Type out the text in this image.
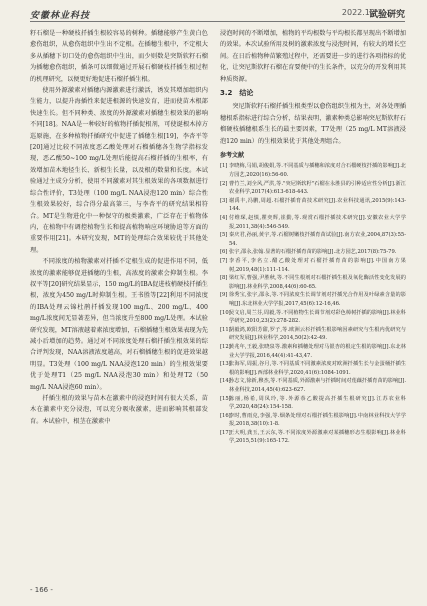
安徽林业科技	2022.12
试验研究

籽石榴是一种硬枝扦插生根较容易的树种。插穗能够产生黄白色愈伤组织，从愈伤组织中生出不定根。在插穗生根中，不定根大多从插穗下切口处的愈伤组织中生出，而少则数是突斯软籽石榴为插穗愈伤组织，插条可以细微通过开展石榴硬枝扦插生根过程的机理研究，以便更好地促进石榴扦插生根。

使用外源激素对插穗内源激素进行激活，诱发其增加组织内生能力，以提升海插性来促进根源的快速发育，进而使苗木根部快速生长。但不同种类、浓度的外源激素对插穗生根效果的影响不同[18]。NAA是一种较好的植物扦插促根剂，可使诞根木掉方巡原施，在多种植物扦插研究中促进了插穗生根[19]，李杏平等[20]通过比较不同浓度恶乙酸处理对石榴插穗各生物学指标发现，恶乙酸50~100 mg/L处理后能提高石榴扦插的生根率，有效增加苗木地径生长、新根生长量，以及根的数量和长度。本试验通过主成分分析，使用不同激素对其生根效果的各项数据进行综合性评价，T3处理（100 mg/L NAA浸泡120 min）综合性生根效果较好，综合得分最高第三，与李杏平的研究结果相符合。MT是生物进化中一种保守的极类激素，广泛存在于植物体内，在植物中有调控植物生长和提高植物响应环境胁迫等方面的重要作用[21]。本研究发现，MT的处理综合效果较优于其他处理。

不同浓度的植物激素对扦插不定根生成的促进作用不同，低浓度的激素能够促进插穗的生根，高浓度的激素会抑制生根。李叔平等[20]研究结果显示，150 mg/L的IBA促进枝梢硬枝扦插生根，浓度为450 mg/L时抑制生根。王书胜等[22]利用不同浓度的IBA处理云锦杜鹃扦插发现100 mg/L、200 mg/L、400 mg/L浓度间无显著差异，但当浓度升至800 mg/L处理。本试验研究发现，MT溶液越着素浓度增加，石榴插穗生根效果表现为先减小后增加的趋势。通过对不同浓度处理石榴扦插生根效果的综合评判发现，NAA溶液浓度越高，对石榴插穗生根的促进效果越明显。T3处理（100 mg/L NAA浸泡120 min）的生根效果要优于处理T1（25 mg/L NAA浸泡30 min）和处理T2（50 mg/L NAA浸泡60 min）。

扦插生根的效果与苗木在激素中的浸泡时间有很大关系，苗木在激素中充分浸泡，可以充分吸收激素，进而影响其根部发育。本试验中，根茎在激素中

浸泡时间的不断增加，植物的平均根数与平均根长都呈现出不断增加的效果。本次试验所用及树的激素浓度与浸泡时间，有较大的增长空间。在日后植物种苗繁殖过程中，还需要进一步的进行各项指标的优化，让突尼斯软籽石榴在育要便中的生长条件，以充分的开发利用其种质资源。

3.2　结论

突尼斯软籽石榴扦插生根类型以愈伤组织生根为主，对各处理插穗根系指标进行综合分析，结果表明，激素种类总影响突尼斯软籽石榴硬枝插穗根系生长的最主要因素，T7处理（25 mg/L MT溶液浸泡120 min）的生根效果优于其他处理组合。

参考文献

[1] 李晓梅,马娟,胡俊娟,等.不同基质与插穗和浓度对合石榴硬枝扦插的影响[J].北方园艺,2020(16):56-60.

[2] 曹竹兰,刘全风,严洪,等."突尼斯软籽"石榴在永胜县的引种适应性分析[J].浙江农业科学,2017(4):613-618-443.

[3] 谢禹丰,冯鹏,周超.石榴扦插育苗技术研究[J].农业科技通讯,2015(9):143-144.

[4] 付维琛,赵慎,瞿奕辉,崔勤,等.观赏石榴扦插技术研究[J].安徽农业大学学报,2011,38(4):546-549.

[5] 秦庆君,孙丽,黄宇,等.石榴树嫩枝扦插育苗试验[J].南方农业,2004,87(3):55-54.

[6] 张宇,邵永,张翰.显著的石榴扦插育苗的影响[J].北方园艺,2017(8):75-79.

[7] 李香平,李名立.醋乙酸处理对石榴扦插育苗的影响[J].中国南方果树,2019,48(1):111-114.

[8] 梁红军,曹强,尹胜秋,等.不同生根剂对石榴扦插生根及氧化酶活性变化发展的影响[J].林业科学,2008,44(6):60-65.

[9] 徐秀宝,张宇,邵永,等.不同浓度生长调节剂对扦插光合作用及叶绿素含量的影响[J].东北林业大学学报,2017,45(6):12-16,46.

[10]
吴文启,周兰芬,周毅,等.不同植物生长调节剂对彩色樟树扦插的影响[J].林业科学研究,2010,23(2):278-282.

[11]
胡毅鸿,欧阳芳甜,罗子,等.欧洲云杉扦插生根影响因素研究与生根内优研究与研究发展[J].林业科学,2014,50(2):42-49.

[12]
黄兆年,王毅,张晓泉等.激素和插穗处理对马银杏的根定生根的影响[J].东北林业大学学报,2016,44(4):41-43,47.

[13]
张海军,周振,谷月,等.不同基质不同激素浓度对欧洲扦插生长与金蛋桶扦插生根的影响[J].西部林业科学,2020,41(6):1084-1091.

[14]
孙志文,徐新,穆杰,等.不同基质,外源激素与扦插时间对莲藕扦插育苗的影响[J].林业科技,2014,45(4):623-627.

[15]
陈丽,杨希,周凤玲,等.外源萘乙酸提高扦插生根研究[J].江苏农业科学,2020,48(24):154-158.

[16]
李时,曹雨克,李强,等.烟条处理对石榴扦插生根影响[J].中南林业科技大学学报,2018,38(10):1-8.

[17]
王大明,龚玉,王云东,等.不同浓度外源激素对某插穗形态生根影响[J].林业科学,2015,51(9):165-172.

- 166 -
